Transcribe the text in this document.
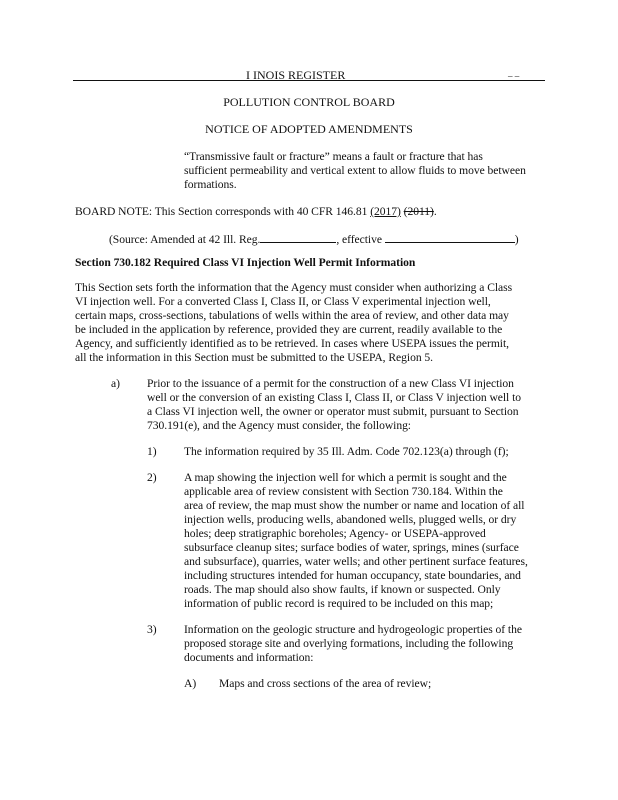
I INOIS REGISTER	_ _
POLLUTION CONTROL BOARD
NOTICE OF ADOPTED AMENDMENTS
“Transmissive fault or fracture” means a fault or fracture that has
sufficient permeability and vertical extent to allow fluids to move between
formations.
BOARD NOTE: This Section corresponds with 40 CFR 146.81 (2017) (2011).
(Source: Amended at 42 Ill. Reg.	, effective	)
Section 730.182 Required Class VI Injection Well Permit Information
This Section sets forth the information that the Agency must consider when authorizing a Class
VI injection well. For a converted Class I, Class II, or Class V experimental injection well,
certain maps, cross-sections, tabulations of wells within the area of review, and other data may
be included in the application by reference, provided they are current, readily available to the
Agency, and sufficiently identified as to be retrieved. In cases where USEPA issues the permit,
all the information in this Section must be submitted to the USEPA, Region 5.
a) Prior to the issuance of a permit for the construction of a new Class VI injection
well or the conversion of an existing Class I, Class II, or Class V injection well to
a Class VI injection well, the owner or operator must submit, pursuant to Section
730.191(e), and the Agency must consider, the following:
1) The information required by 35 Ill. Adm. Code 702.123(a) through (f);
2) A map showing the injection well for which a permit is sought and the
applicable area of review consistent with Section 730.184. Within the
area of review, the map must show the number or name and location of all
injection wells, producing wells, abandoned wells, plugged wells, or dry
holes; deep stratigraphic boreholes; Agency- or USEPA-approved
subsurface cleanup sites; surface bodies of water, springs, mines (surface
and subsurface), quarries, water wells; and other pertinent surface features,
including structures intended for human occupancy, state boundaries, and
roads. The map should also show faults, if known or suspected. Only
information of public record is required to be included on this map;
3) Information on the geologic structure and hydrogeologic properties of the
proposed storage site and overlying formations, including the following
documents and information:
A) Maps and cross sections of the area of review;
